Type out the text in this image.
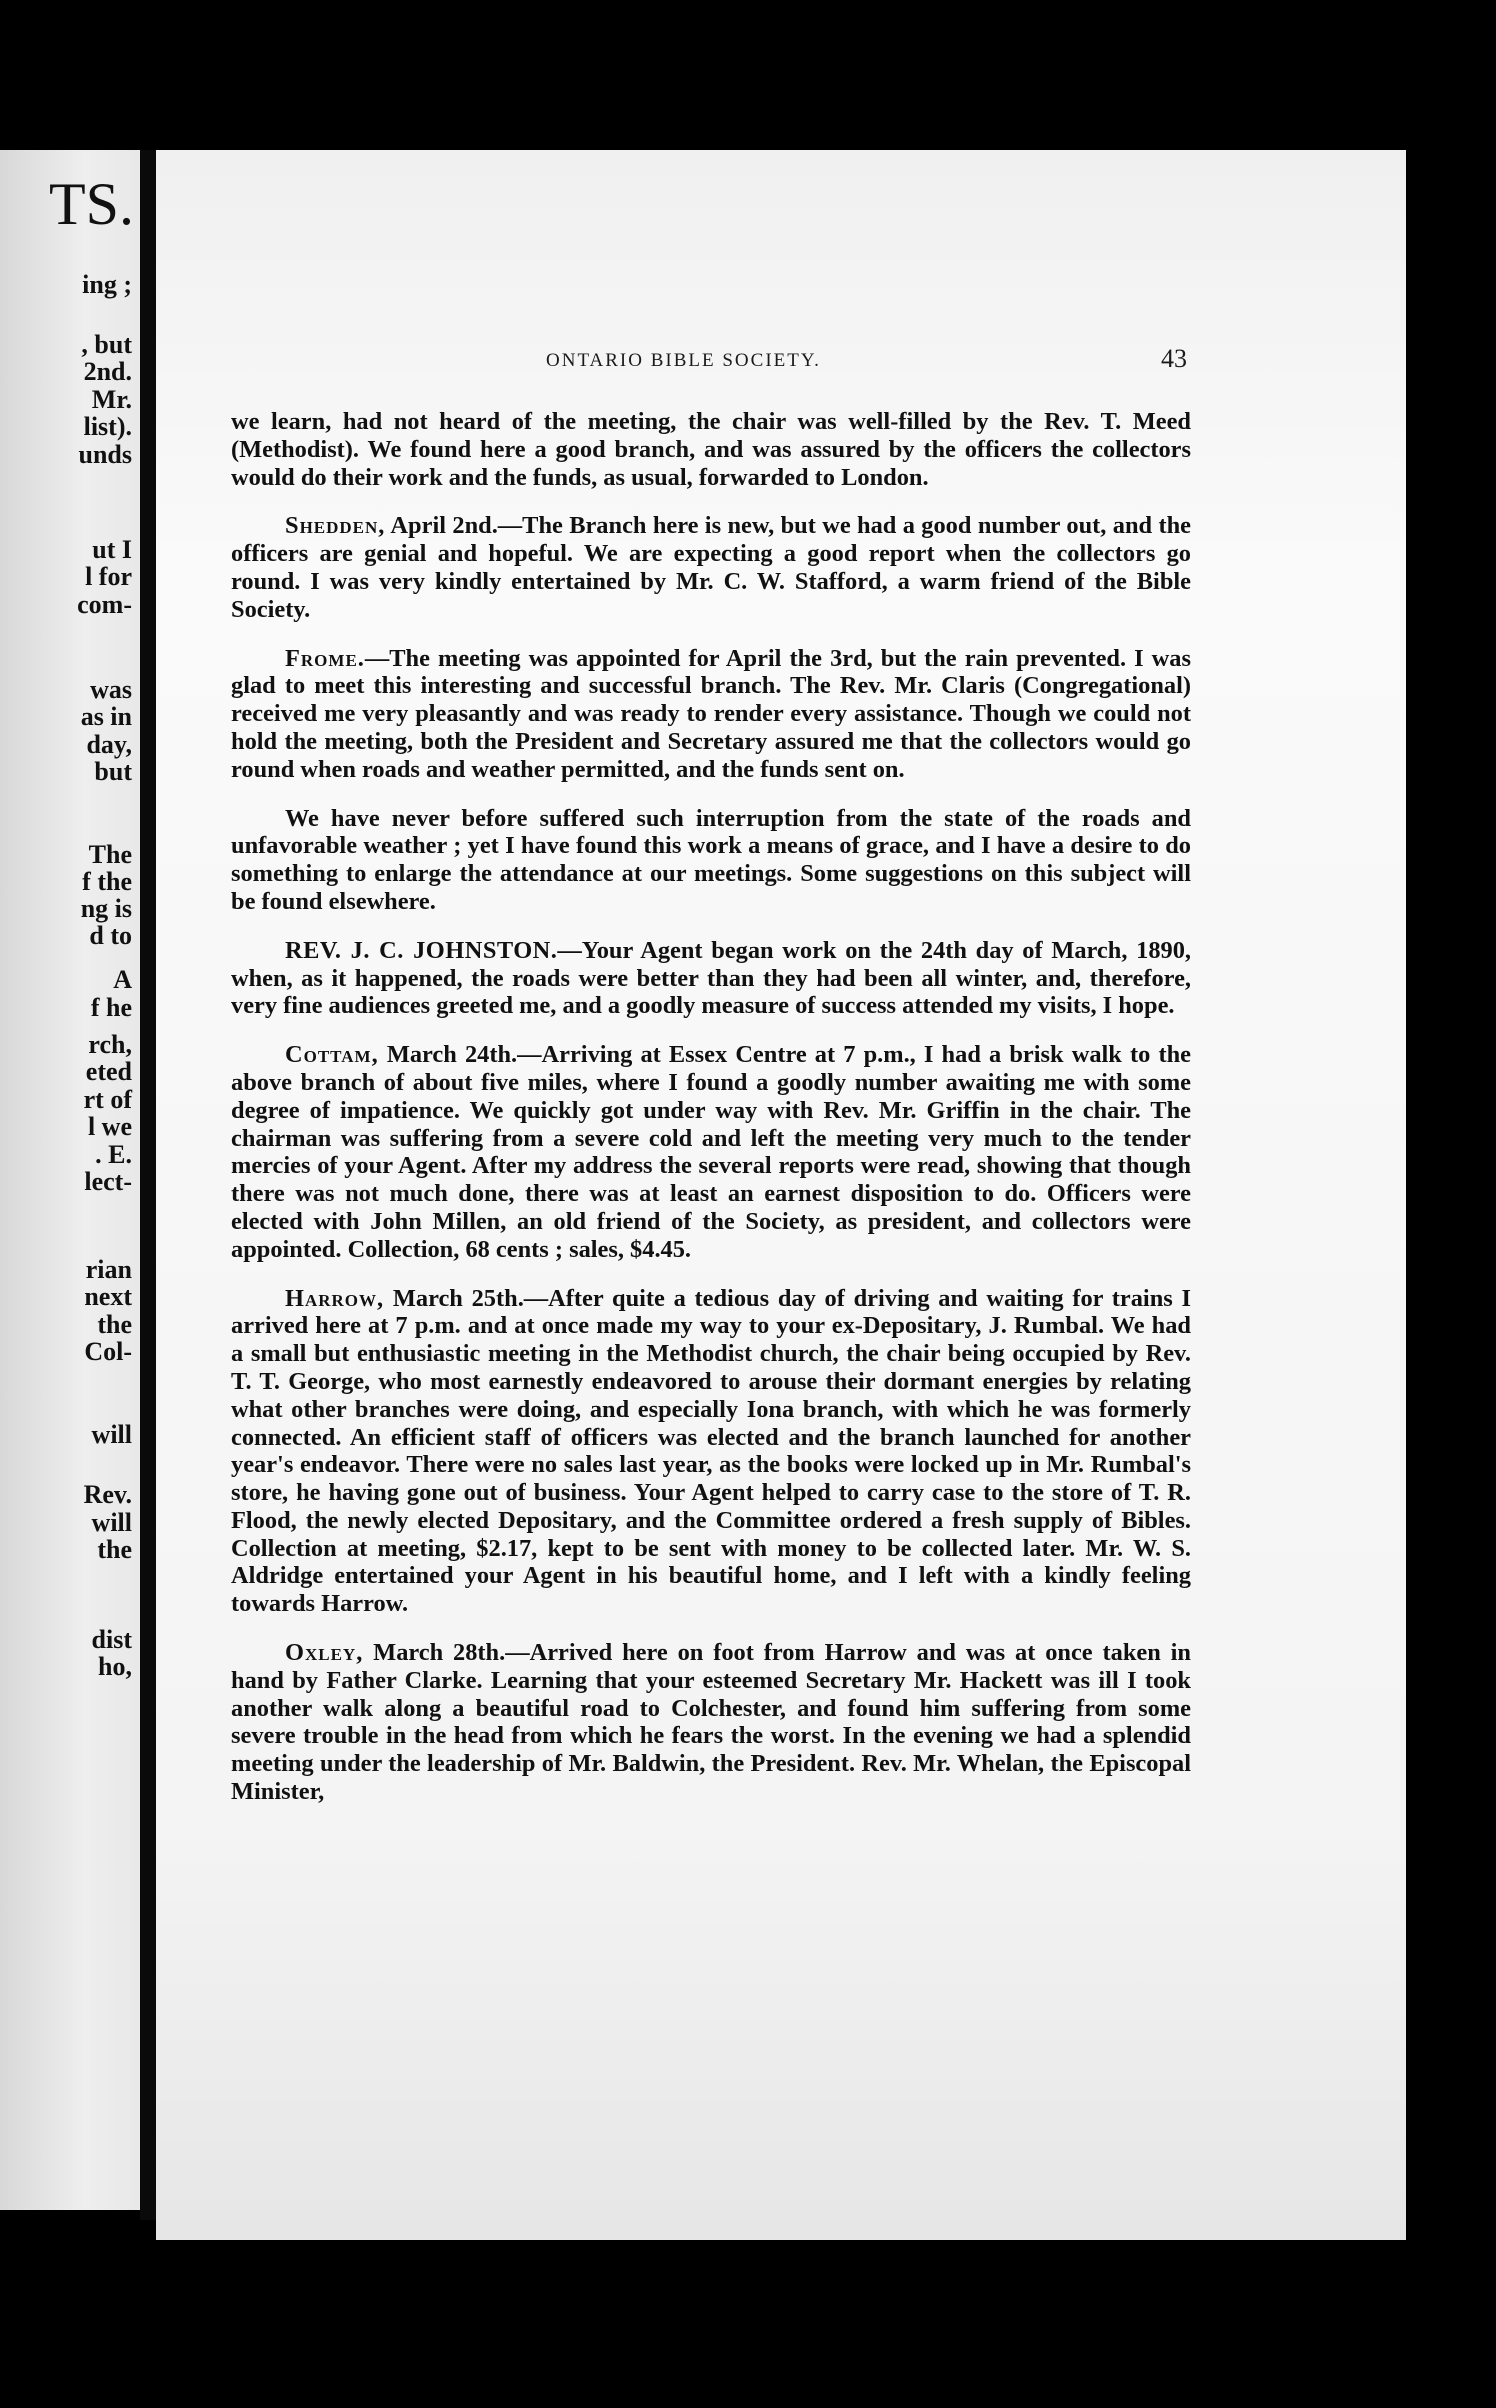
TS.
ing ;
, but
2nd.
Mr.
list).
unds
ut I
l for
com-
was
as in
day,
but
The
f the
ng is
d to
A
f he
rch,
eted
rt of
l we
. E.
lect-
rian
next
the
Col-
will
Rev.
will
the
dist
ho,
ONTARIO BIBLE SOCIETY.	43

we learn, had not heard of the meeting, the chair was well-filled by the Rev. T. Meed (Methodist). We found here a good branch, and was assured by the officers the collectors would do their work and the funds, as usual, forwarded to London.

Shedden, April 2nd.—The Branch here is new, but we had a good number out, and the officers are genial and hopeful. We are expecting a good report when the collectors go round. I was very kindly entertained by Mr. C. W. Stafford, a warm friend of the Bible Society.

Frome.—The meeting was appointed for April the 3rd, but the rain prevented. I was glad to meet this interesting and successful branch. The Rev. Mr. Claris (Congregational) received me very pleasantly and was ready to render every assistance. Though we could not hold the meeting, both the President and Secretary assured me that the collectors would go round when roads and weather permitted, and the funds sent on.

We have never before suffered such interruption from the state of the roads and unfavorable weather ; yet I have found this work a means of grace, and I have a desire to do something to enlarge the attendance at our meetings. Some suggestions on this subject will be found elsewhere.

REV. J. C. JOHNSTON.—Your Agent began work on the 24th day of March, 1890, when, as it happened, the roads were better than they had been all winter, and, therefore, very fine audiences greeted me, and a goodly measure of success attended my visits, I hope.

Cottam, March 24th.—Arriving at Essex Centre at 7 p.m., I had a brisk walk to the above branch of about five miles, where I found a goodly number awaiting me with some degree of impatience. We quickly got under way with Rev. Mr. Griffin in the chair. The chairman was suffering from a severe cold and left the meeting very much to the tender mercies of your Agent. After my address the several reports were read, showing that though there was not much done, there was at least an earnest disposition to do. Officers were elected with John Millen, an old friend of the Society, as president, and collectors were appointed. Collection, 68 cents ; sales, $4.45.

Harrow, March 25th.—After quite a tedious day of driving and waiting for trains I arrived here at 7 p.m. and at once made my way to your ex-Depositary, J. Rumbal. We had a small but enthusiastic meeting in the Methodist church, the chair being occupied by Rev. T. T. George, who most earnestly endeavored to arouse their dormant energies by relating what other branches were doing, and especially Iona branch, with which he was formerly connected. An efficient staff of officers was elected and the branch launched for another year's endeavor. There were no sales last year, as the books were locked up in Mr. Rumbal's store, he having gone out of business. Your Agent helped to carry case to the store of T. R. Flood, the newly elected Depositary, and the Committee ordered a fresh supply of Bibles. Collection at meeting, $2.17, kept to be sent with money to be collected later. Mr. W. S. Aldridge entertained your Agent in his beautiful home, and I left with a kindly feeling towards Harrow.

Oxley, March 28th.—Arrived here on foot from Harrow and was at once taken in hand by Father Clarke. Learning that your esteemed Secretary Mr. Hackett was ill I took another walk along a beautiful road to Colchester, and found him suffering from some severe trouble in the head from which he fears the worst. In the evening we had a splendid meeting under the leadership of Mr. Baldwin, the President. Rev. Mr. Whelan, the Episcopal Minister,
